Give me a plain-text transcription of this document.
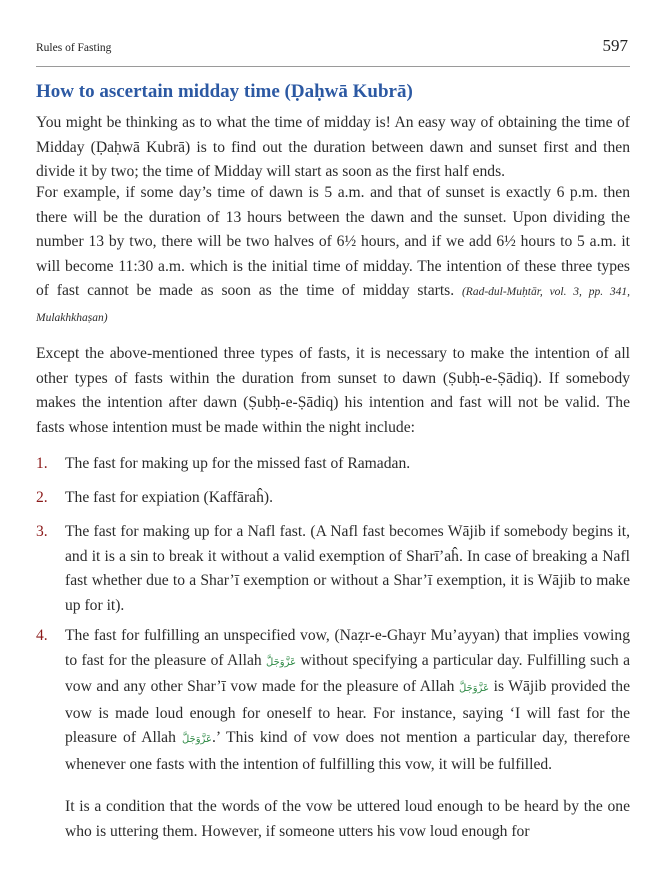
Rules of Fasting	597
How to ascertain midday time (Ḍaḥwā Kubrā)

You might be thinking as to what the time of midday is! An easy way of obtaining the time of Midday (Ḍaḥwā Kubrā) is to find out the duration between dawn and sunset first and then divide it by two; the time of Midday will start as soon as the first half ends.

For example, if some day’s time of dawn is 5 a.m. and that of sunset is exactly 6 p.m. then there will be the duration of 13 hours between the dawn and the sunset. Upon dividing the number 13 by two, there will be two halves of 6½ hours, and if we add 6½ hours to 5 a.m. it will become 11:30 a.m. which is the initial time of midday. The intention of these three types of fast cannot be made as soon as the time of midday starts. (Rad-dul-Muḥtār, vol. 3, pp. 341, Mulakhkhaṣan)

Except the above-mentioned three types of fasts, it is necessary to make the intention of all other types of fasts within the duration from sunset to dawn (Ṣubḥ-e-Ṣādiq). If somebody makes the intention after dawn (Ṣubḥ-e-Ṣādiq) his intention and fast will not be valid. The fasts whose intention must be made within the night include:

1. The fast for making up for the missed fast of Ramadan.
2. The fast for expiation (Kaffāraĥ).
3. The fast for making up for a Nafl fast. (A Nafl fast becomes Wājib if somebody begins it, and it is a sin to break it without a valid exemption of Sharī’aĥ. In case of breaking a Nafl fast whether due to a Shar’ī exemption or without a Shar’ī exemption, it is Wājib to make up for it).
4. The fast for fulfilling an unspecified vow, (Naẓr-e-Ghayr Mu’ayyan) that implies vowing to fast for the pleasure of Allah عَزَّوَجَلَّ without specifying a particular day. Fulfilling such a vow and any other Shar’ī vow made for the pleasure of Allah عَزَّوَجَلَّ is Wājib provided the vow is made loud enough for oneself to hear. For instance, saying ‘I will fast for the pleasure of Allah عَزَّوَجَلَّ.’ This kind of vow does not mention a particular day, therefore whenever one fasts with the intention of fulfilling this vow, it will be fulfilled.

It is a condition that the words of the vow be uttered loud enough to be heard by the one who is uttering them. However, if someone utters his vow loud enough for
